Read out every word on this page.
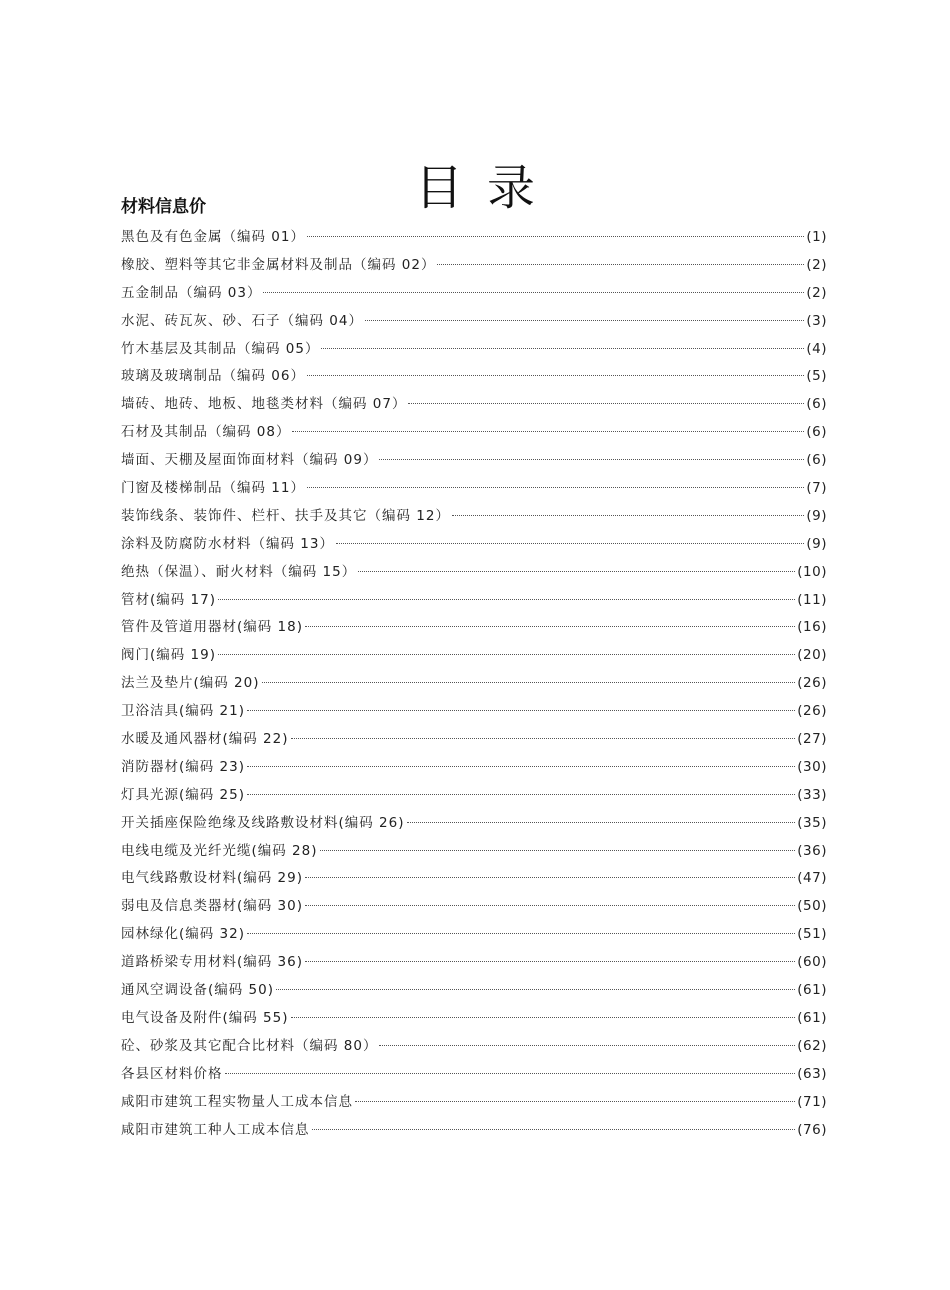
目录
材料信息价
黑色及有色金属（编码 01）	(1)
橡胶、塑料等其它非金属材料及制品（编码 02）	(2)
五金制品（编码 03）	(2)
水泥、砖瓦灰、砂、石子（编码 04）	(3)
竹木基层及其制品（编码 05）	(4)
玻璃及玻璃制品（编码 06）	(5)
墙砖、地砖、地板、地毯类材料（编码 07）	(6)
石材及其制品（编码 08）	(6)
墙面、天棚及屋面饰面材料（编码 09）	(6)
门窗及楼梯制品（编码 11）	(7)
装饰线条、装饰件、栏杆、扶手及其它（编码 12）	(9)
涂料及防腐防水材料（编码 13）	(9)
绝热（保温）、耐火材料（编码 15）	(10)
管材(编码 17)	(11)
管件及管道用器材(编码 18)	(16)
阀门(编码 19)	(20)
法兰及垫片(编码 20)	(26)
卫浴洁具(编码 21)	(26)
水暖及通风器材(编码 22)	(27)
消防器材(编码 23)	(30)
灯具光源(编码 25)	(33)
开关插座保险绝缘及线路敷设材料(编码 26)	(35)
电线电缆及光纤光缆(编码 28)	(36)
电气线路敷设材料(编码 29)	(47)
弱电及信息类器材(编码 30)	(50)
园林绿化(编码 32)	(51)
道路桥梁专用材料(编码 36)	(60)
通风空调设备(编码 50)	(61)
电气设备及附件(编码 55)	(61)
砼、砂浆及其它配合比材料（编码 80）	(62)
各县区材料价格	(63)
咸阳市建筑工程实物量人工成本信息	(71)
咸阳市建筑工种人工成本信息	(76)
